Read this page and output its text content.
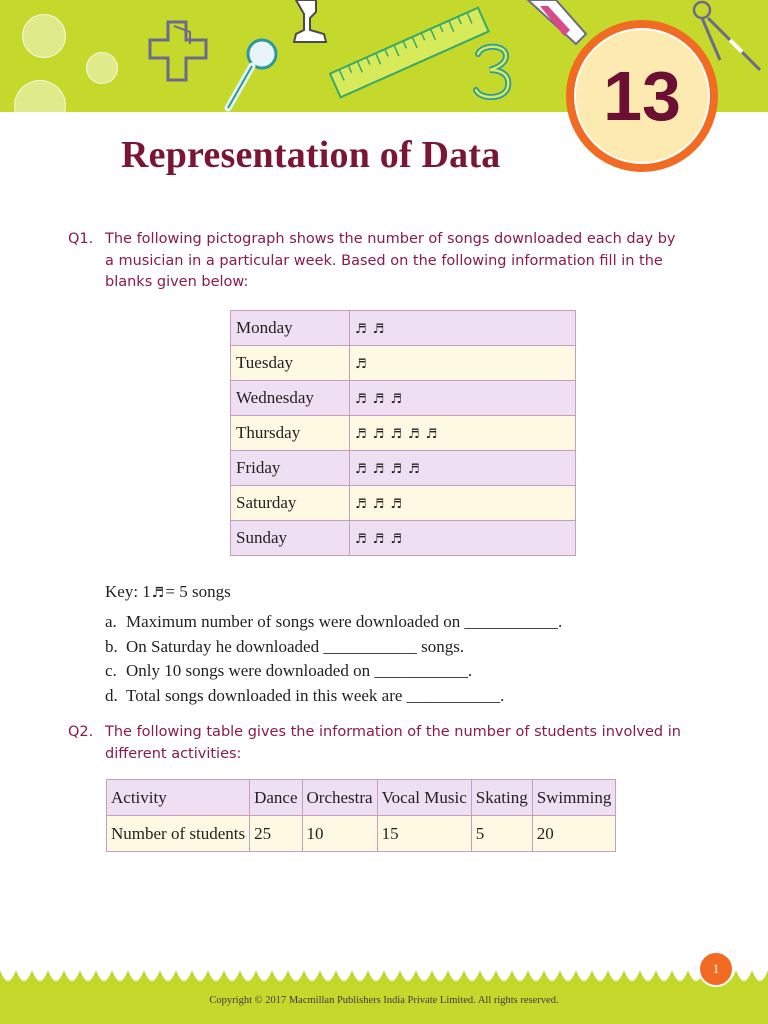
13
Representation of Data
Q1. The following pictograph shows the number of songs downloaded each day by
a musician in a particular week. Based on the following information fill in the
blanks given below:
Monday	♬ ♬
Tuesday	♬
Wednesday	♬ ♬ ♬
Thursday	♬ ♬ ♬ ♬ ♬
Friday	♬ ♬ ♬ ♬
Saturday	♬ ♬ ♬
Sunday	♬ ♬ ♬
Key: 1♬= 5 songs
a. Maximum number of songs were downloaded on ___________.
b. On Saturday he downloaded ___________ songs.
c. Only 10 songs were downloaded on ___________.
d. Total songs downloaded in this week are ___________.
Q2. The following table gives the information of the number of students involved in
different activities:
Activity	Dance	Orchestra	Vocal Music	Skating	Swimming
Number of students	25	10	15	5	20
1
Copyright © 2017 Macmillan Publishers India Private Limited. All rights reserved.
